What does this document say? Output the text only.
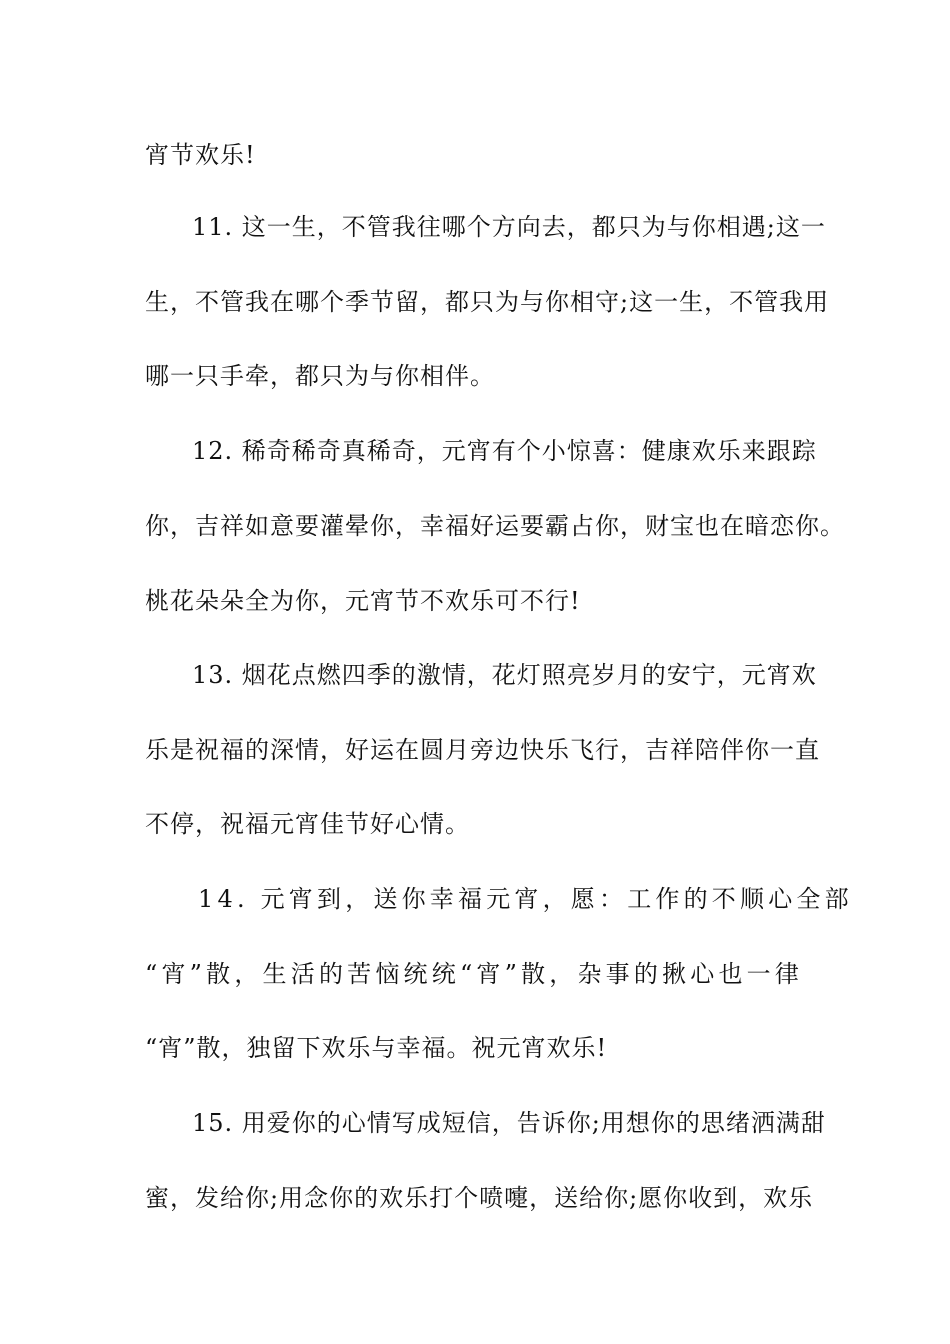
宵节欢乐!
11. 这一生，不管我往哪个方向去，都只为与你相遇;这一
生，不管我在哪个季节留，都只为与你相守;这一生，不管我用
哪一只手牵，都只为与你相伴。
12. 稀奇稀奇真稀奇，元宵有个小惊喜：健康欢乐来跟踪
你，吉祥如意要灌晕你，幸福好运要霸占你，财宝也在暗恋你。
桃花朵朵全为你，元宵节不欢乐可不行!
13. 烟花点燃四季的激情，花灯照亮岁月的安宁，元宵欢
乐是祝福的深情，好运在圆月旁边快乐飞行，吉祥陪伴你一直
不停，祝福元宵佳节好心情。
14. 元宵到，送你幸福元宵，愿：工作的不顺心全部
“宵”散，生活的苦恼统统“宵”散，杂事的揪心也一律
“宵”散，独留下欢乐与幸福。祝元宵欢乐!
15. 用爱你的心情写成短信，告诉你;用想你的思绪洒满甜
蜜，发给你;用念你的欢乐打个喷嚏，送给你;愿你收到，欢乐
